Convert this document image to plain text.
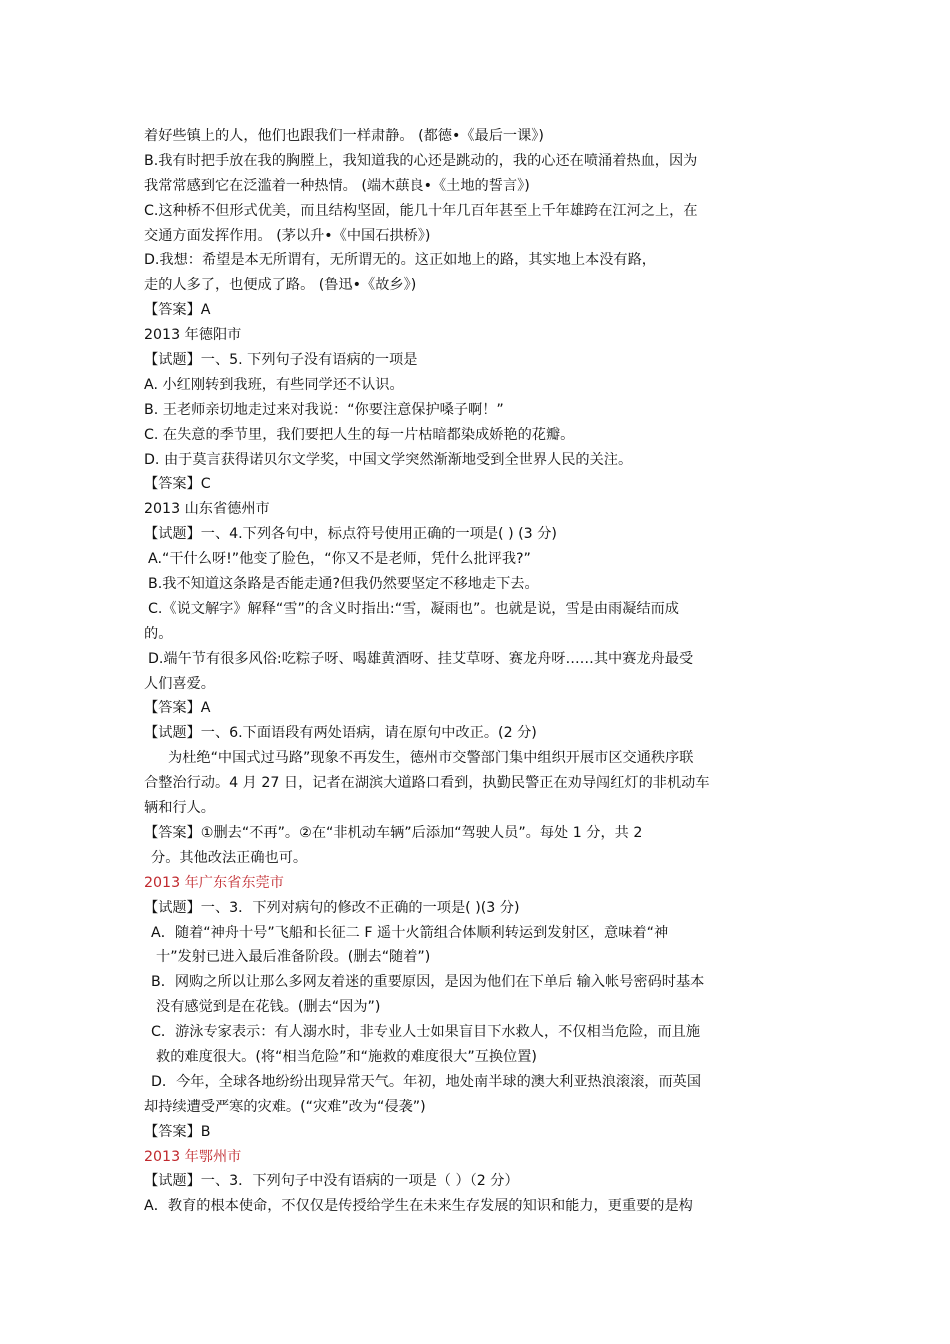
着好些镇上的人，他们也跟我们一样肃静。 (都德•《最后一课》)
B.我有时把手放在我的胸膛上，我知道我的心还是跳动的，我的心还在喷涌着热血，因为
我常常感到它在泛滥着一种热情。 (端木蕻良•《土地的誓言》)
C.这种桥不但形式优美，而且结构坚固，能几十年几百年甚至上千年雄跨在江河之上，在
交通方面发挥作用。 (茅以升•《中国石拱桥》)
D.我想：希望是本无所谓有，无所谓无的。这正如地上的路，其实地上本没有路，
走的人多了，也便成了路。 (鲁迅•《故乡》)
【答案】A
2013 年德阳市
【试题】一、5. 下列句子没有语病的一项是
A. 小红刚转到我班，有些同学还不认识。
B. 王老师亲切地走过来对我说：“你要注意保护嗓子啊！”
C. 在失意的季节里，我们要把人生的每一片枯暗都染成娇艳的花瓣。
D. 由于莫言获得诺贝尔文学奖，中国文学突然渐渐地受到全世界人民的关注。
【答案】C
2013 山东省德州市
【试题】一、4.下列各句中，标点符号使用正确的一项是( ) (3 分)
A.“干什么呀!”他变了脸色，“你又不是老师，凭什么批评我?”
B.我不知道这条路是否能走通?但我仍然要坚定不移地走下去。
C.《说文解字》解释“雪”的含义时指出:“雪，凝雨也”。也就是说，雪是由雨凝结而成
的。
D.端午节有很多风俗:吃粽子呀、喝雄黄酒呀、挂艾草呀、赛龙舟呀……其中赛龙舟最受
人们喜爱。
【答案】A
【试题】一、6.下面语段有两处语病，请在原句中改正。(2 分)
为杜绝“中国式过马路”现象不再发生，德州市交警部门集中组织开展市区交通秩序联
合整治行动。4 月 27 日，记者在湖滨大道路口看到，执勤民警正在劝导闯红灯的非机动车
辆和行人。
【答案】①删去“不再”。②在“非机动车辆”后添加“驾驶人员”。每处 1 分，共 2
分。其他改法正确也可。
2013 年广东省东莞市
【试题】一、3．下列对病句的修改不正确的一项是( )(3 分)
A．随着“神舟十号”飞船和长征二 F 遥十火箭组合体顺利转运到发射区，意味着“神
十”发射已进入最后准备阶段。(删去“随着”)
B．网购之所以让那么多网友着迷的重要原因，是因为他们在下单后 输入帐号密码时基本
没有感觉到是在花钱。(删去“因为”)
C．游泳专家表示：有人溺水时，非专业人士如果盲目下水救人，不仅相当危险，而且施
救的难度很大。(将“相当危险”和“施救的难度很大”互换位置)
D．今年，全球各地纷纷出现异常天气。年初，地处南半球的澳大利亚热浪滚滚，而英国
却持续遭受严寒的灾难。(“灾难”改为“侵袭”)
【答案】B
2013 年鄂州市
【试题】一、3．下列句子中没有语病的一项是（ ）（2 分）
A．教育的根本使命，不仅仅是传授给学生在未来生存发展的知识和能力，更重要的是构
